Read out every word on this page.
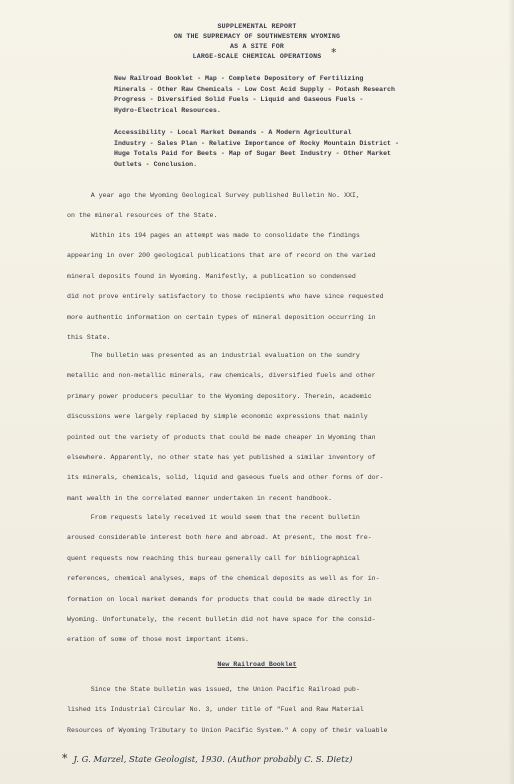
SUPPLEMENTAL REPORT
ON THE SUPREMACY OF SOUTHWESTERN WYOMING
AS A SITE FOR
LARGE-SCALE CHEMICAL OPERATIONS *
New Railroad Booklet - Map - Complete Depository of Fertilizing
Minerals - Other Raw Chemicals - Low Cost Acid Supply - Potash Research
Progress - Diversified Solid Fuels - Liquid and Gaseous Fuels -
Hydro-Electrical Resources.
Accessibility - Local Market Demands - A Modern Agricultural
Industry - Sales Plan - Relative Importance of Rocky Mountain District -
Huge Totals Paid for Beets - Map of Sugar Beet Industry - Other Market
Outlets - Conclusion.
A year ago the Wyoming Geological Survey published Bulletin No. XXI,
on the mineral resources of the State.
Within its 194 pages an attempt was made to consolidate the findings
appearing in over 200 geological publications that are of record on the varied
mineral deposits found in Wyoming. Manifestly, a publication so condensed
did not prove entirely satisfactory to those recipients who have since requested
more authentic information on certain types of mineral deposition occurring in
this State.
The bulletin was presented as an industrial evaluation on the sundry
metallic and non-metallic minerals, raw chemicals, diversified fuels and other
primary power producers peculiar to the Wyoming depository. Therein, academic
discussions were largely replaced by simple economic expressions that mainly
pointed out the variety of products that could be made cheaper in Wyoming than
elsewhere. Apparently, no other state has yet published a similar inventory of
its minerals, chemicals, solid, liquid and gaseous fuels and other forms of dor-
mant wealth in the correlated manner undertaken in recent handbook.
From requests lately received it would seem that the recent bulletin
aroused considerable interest both here and abroad. At present, the most fre-
quent requests now reaching this bureau generally call for bibliographical
references, chemical analyses, maps of the chemical deposits as well as for in-
formation on local market demands for products that could be made directly in
Wyoming. Unfortunately, the recent bulletin did not have space for the consid-
eration of some of those most important items.
New Railroad Booklet
Since the State bulletin was issued, the Union Pacific Railroad pub-
lished its Industrial Circular No. 3, under title of "Fuel and Raw Material
Resources of Wyoming Tributary to Union Pacific System." A copy of their valuable
* J. G. Marzel, State Geologist, 1930. (Author probably C. S. Dietz)
